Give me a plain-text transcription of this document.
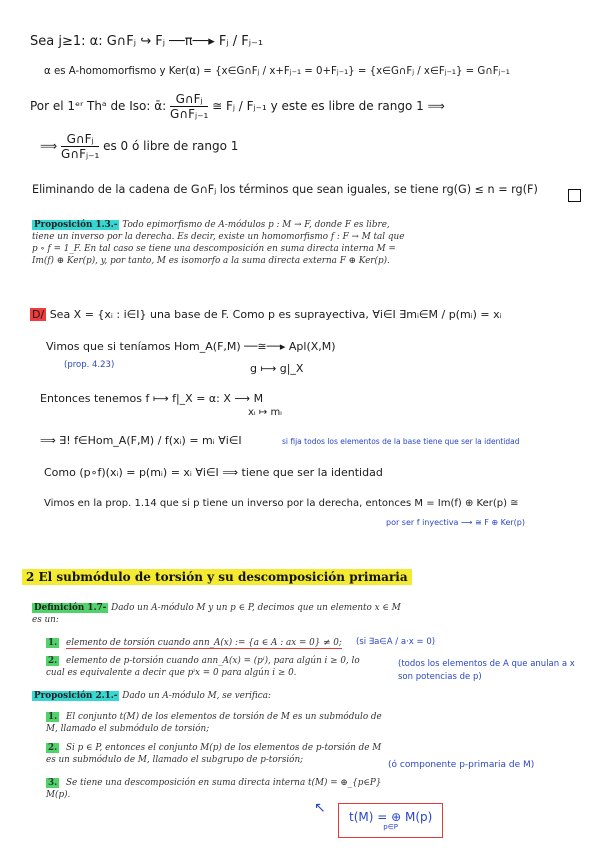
Sea j≥1: α: G∩Fⱼ ↪ Fⱼ ──π──▸ Fⱼ / Fⱼ₋₁
α es A-homomorfismo y Ker(α) = {x∈G∩Fⱼ / x+Fⱼ₋₁ = 0+Fⱼ₋₁} = {x∈G∩Fⱼ / x∈Fⱼ₋₁} = G∩Fⱼ₋₁
Por el 1ᵉʳ Thᵃ de Iso: ᾱ: $\frac{\text{G∩Fⱼ}}{\text{G∩Fⱼ₋₁}}$ ≅ Fⱼ / Fⱼ₋₁ y este es libre de rango 1 ⟹
⟹ $\frac{\text{G∩Fⱼ}}{\text{G∩Fⱼ₋₁}}$ es 0 ó libre de rango 1
Eliminando de la cadena de G∩Fⱼ los términos que sean iguales, se tiene rg(G) ≤ n = rg(F)
Proposición 1.3.- Todo epimorfismo de A-módulos p : M → F, donde F es libre, tiene un inverso por la derecha. Es decir, existe un homomorfismo f : F → M tal que p ∘ f = 1_F. En tal caso se tiene una descomposición en suma directa interna M = Im(f) ⊕ Ker(p), y, por tanto, M es isomorfo a la suma directa externa F ⊕ Ker(p).
D/ Sea X = {xᵢ : i∈I} una base de F. Como p es suprayectiva, ∀i∈I ∃mᵢ∈M / p(mᵢ) = xᵢ
Vimos que si teníamos Hom_A(F,M) ──≅──▸ Apl(X,M)
(prop. 4.23)	g ⟼ g|_X
Entonces tenemos f ⟼ f|_X = α: X ⟶ M
xᵢ ↦ mᵢ
⟹ ∃! f∈Hom_A(F,M) / f(xᵢ) = mᵢ ∀i∈I	si fija todos los elementos de la base tiene que ser la identidad
Como (p∘f)(xᵢ) = p(mᵢ) = xᵢ ∀i∈I ⟹ tiene que ser la identidad
Vimos en la prop. 1.14 que si p tiene un inverso por la derecha, entonces M = Im(f) ⊕ Ker(p) ≅
por ser f inyectiva ⟶ ≅ F ⊕ Ker(p)
2 El submódulo de torsión y su descomposición primaria
Definición 1.7- Dado un A-módulo M y un p ∈ P, decimos que un elemento x ∈ M es un:
1. elemento de torsión cuando ann_A(x) := {a ∈ A : ax = 0} ≠ 0;	(si ∃a∈A / a·x = 0)
2. elemento de p-torsión cuando ann_A(x) = (pⁱ), para algún i ≥ 0, lo cual es equivalente a decir que pⁱx = 0 para algún i ≥ 0.
(todos los elementos de A que anulan a x son potencias de p)
Proposición 2.1.- Dado un A-módulo M, se verifica:
1. El conjunto t(M) de los elementos de torsión de M es un submódulo de M, llamado el submódulo de torsión;
2. Si p ∈ P, entonces el conjunto M(p) de los elementos de p-torsión de M es un submódulo de M, llamado el subgrupo de p-torsión;	(ó componente p-primaria de M)
3. Se tiene una descomposición en suma directa interna t(M) = ⊕_{p∈P} M(p).
↖
t(M) = ⊕ M(p)
p∈P
